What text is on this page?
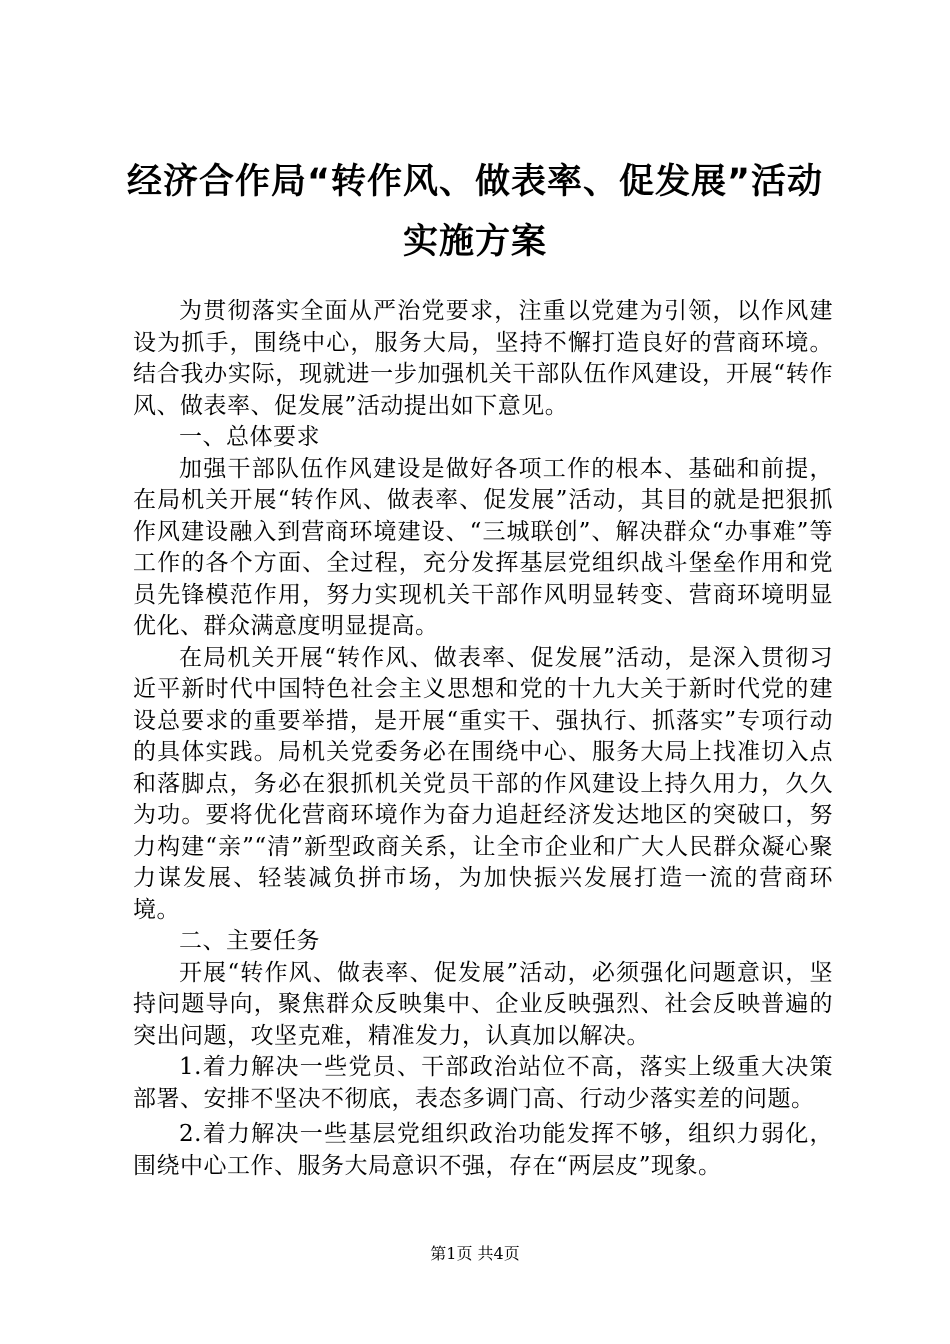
经济合作局“转作风、做表率、促发展”活动
实施方案

为贯彻落实全面从严治党要求，注重以党建为引领，以作风建设为抓手，围绕中心，服务大局，坚持不懈打造良好的营商环境。结合我办实际，现就进一步加强机关干部队伍作风建设，开展“转作风、做表率、促发展”活动提出如下意见。

一、总体要求

加强干部队伍作风建设是做好各项工作的根本、基础和前提，在局机关开展“转作风、做表率、促发展”活动，其目的就是把狠抓作风建设融入到营商环境建设、“三城联创”、解决群众“办事难”等工作的各个方面、全过程，充分发挥基层党组织战斗堡垒作用和党员先锋模范作用，努力实现机关干部作风明显转变、营商环境明显优化、群众满意度明显提高。

在局机关开展“转作风、做表率、促发展”活动，是深入贯彻习近平新时代中国特色社会主义思想和党的十九大关于新时代党的建设总要求的重要举措，是开展“重实干、强执行、抓落实”专项行动的具体实践。局机关党委务必在围绕中心、服务大局上找准切入点和落脚点，务必在狠抓机关党员干部的作风建设上持久用力，久久为功。要将优化营商环境作为奋力追赶经济发达地区的突破口，努力构建“亲”“清”新型政商关系，让全市企业和广大人民群众凝心聚力谋发展、轻装减负拼市场，为加快振兴发展打造一流的营商环境。

二、主要任务

开展“转作风、做表率、促发展”活动，必须强化问题意识，坚持问题导向，聚焦群众反映集中、企业反映强烈、社会反映普遍的突出问题，攻坚克难，精准发力，认真加以解决。

1.着力解决一些党员、干部政治站位不高，落实上级重大决策部署、安排不坚决不彻底，表态多调门高、行动少落实差的问题。

2.着力解决一些基层党组织政治功能发挥不够，组织力弱化，围绕中心工作、服务大局意识不强，存在“两层皮”现象。

第1页 共4页
